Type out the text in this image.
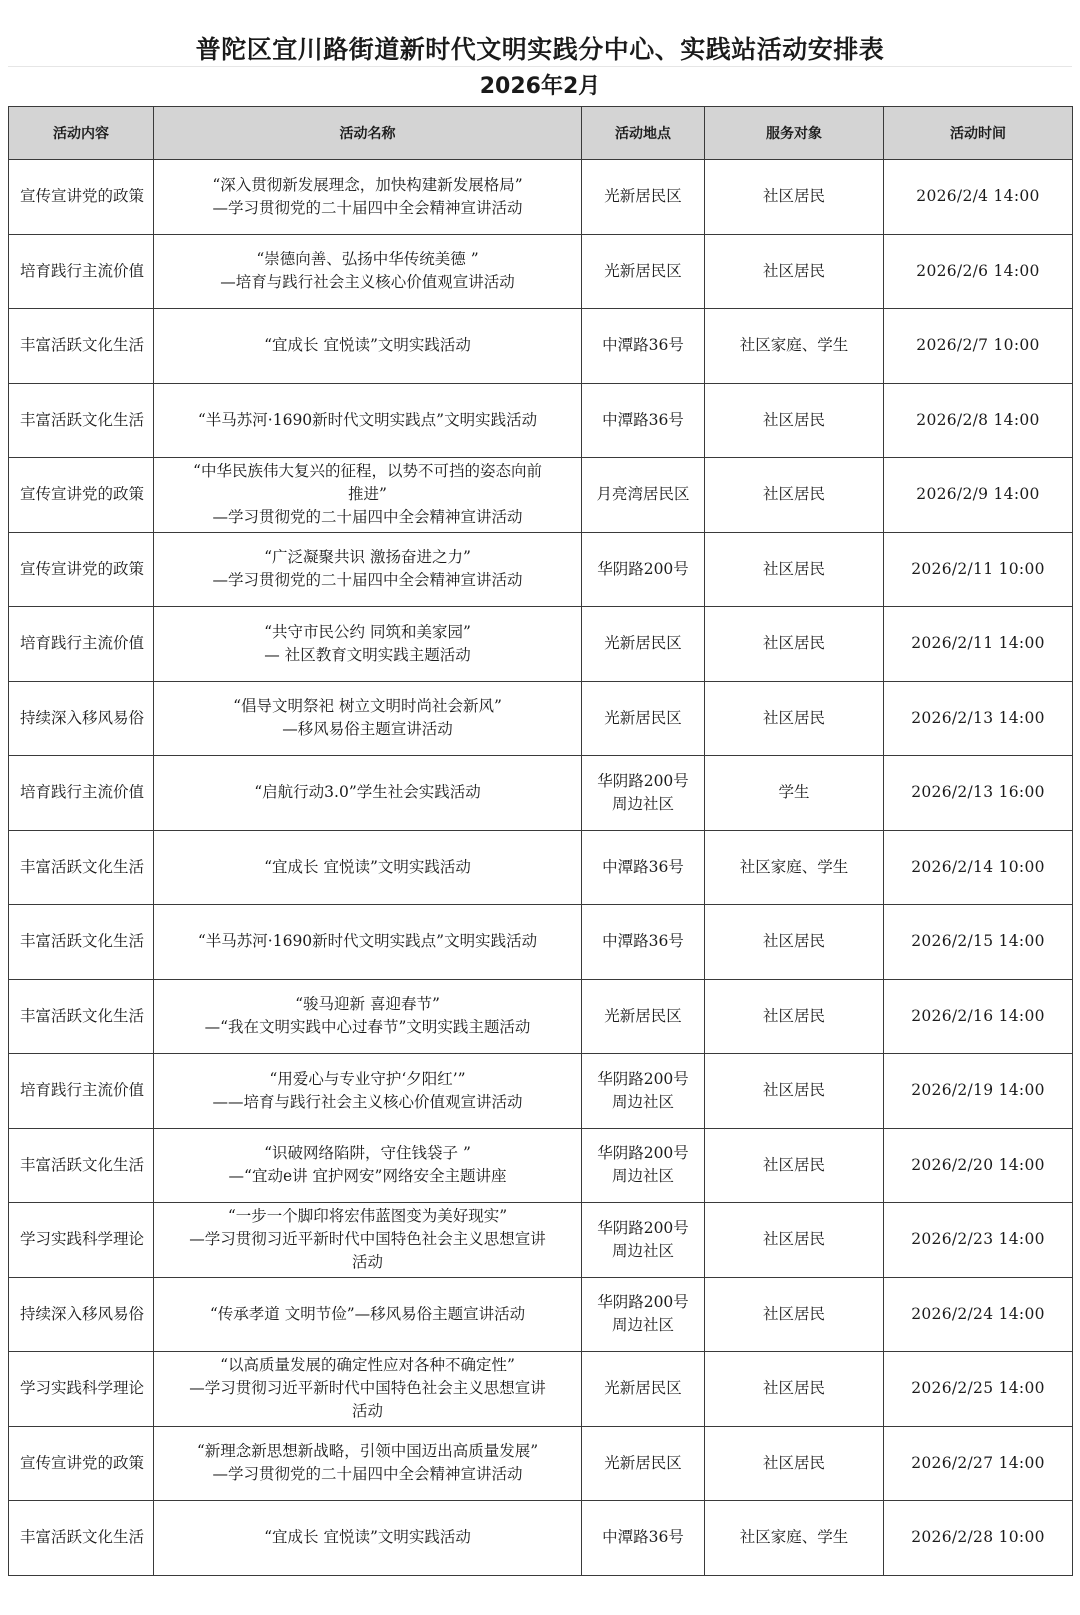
普陀区宜川路街道新时代文明实践分中心、实践站活动安排表
2026年2月
活动内容	活动名称	活动地点	服务对象	活动时间
宣传宣讲党的政策	“深入贯彻新发展理念，加快构建新发展格局”
—学习贯彻党的二十届四中全会精神宣讲活动	光新居民区	社区居民	2026/2/4 14:00
培育践行主流价值	“崇德向善、弘扬中华传统美德 ”
—培育与践行社会主义核心价值观宣讲活动	光新居民区	社区居民	2026/2/6 14:00
丰富活跃文化生活	“宜成长 宜悦读”文明实践活动	中潭路36号	社区家庭、学生	2026/2/7 10:00
丰富活跃文化生活	“半马苏河·1690新时代文明实践点”文明实践活动	中潭路36号	社区居民	2026/2/8 14:00
宣传宣讲党的政策	“中华民族伟大复兴的征程，以势不可挡的姿态向前
推进”
—学习贯彻党的二十届四中全会精神宣讲活动	月亮湾居民区	社区居民	2026/2/9 14:00
宣传宣讲党的政策	“广泛凝聚共识 激扬奋进之力”
—学习贯彻党的二十届四中全会精神宣讲活动	华阴路200号	社区居民	2026/2/11 10:00
培育践行主流价值	“共守市民公约 同筑和美家园”
— 社区教育文明实践主题活动	光新居民区	社区居民	2026/2/11 14:00
持续深入移风易俗	“倡导文明祭祀 树立文明时尚社会新风”
—移风易俗主题宣讲活动	光新居民区	社区居民	2026/2/13 14:00
培育践行主流价值	“启航行动3.0”学生社会实践活动	华阴路200号
周边社区	学生	2026/2/13 16:00
丰富活跃文化生活	“宜成长 宜悦读”文明实践活动	中潭路36号	社区家庭、学生	2026/2/14 10:00
丰富活跃文化生活	“半马苏河·1690新时代文明实践点”文明实践活动	中潭路36号	社区居民	2026/2/15 14:00
丰富活跃文化生活	“骏马迎新 喜迎春节”
—“我在文明实践中心过春节”文明实践主题活动	光新居民区	社区居民	2026/2/16 14:00
培育践行主流价值	“用爱心与专业守护‘夕阳红’”
——培育与践行社会主义核心价值观宣讲活动	华阴路200号
周边社区	社区居民	2026/2/19 14:00
丰富活跃文化生活	“识破网络陷阱，守住钱袋子 ”
—“宜动e讲 宜护网安”网络安全主题讲座	华阴路200号
周边社区	社区居民	2026/2/20 14:00
学习实践科学理论	“一步一个脚印将宏伟蓝图变为美好现实”
—学习贯彻习近平新时代中国特色社会主义思想宣讲
活动	华阴路200号
周边社区	社区居民	2026/2/23 14:00
持续深入移风易俗	“传承孝道 文明节俭”—移风易俗主题宣讲活动	华阴路200号
周边社区	社区居民	2026/2/24 14:00
学习实践科学理论	“以高质量发展的确定性应对各种不确定性”
—学习贯彻习近平新时代中国特色社会主义思想宣讲
活动	光新居民区	社区居民	2026/2/25 14:00
宣传宣讲党的政策	“新理念新思想新战略，引领中国迈出高质量发展”
—学习贯彻党的二十届四中全会精神宣讲活动	光新居民区	社区居民	2026/2/27 14:00
丰富活跃文化生活	“宜成长 宜悦读”文明实践活动	中潭路36号	社区家庭、学生	2026/2/28 10:00
